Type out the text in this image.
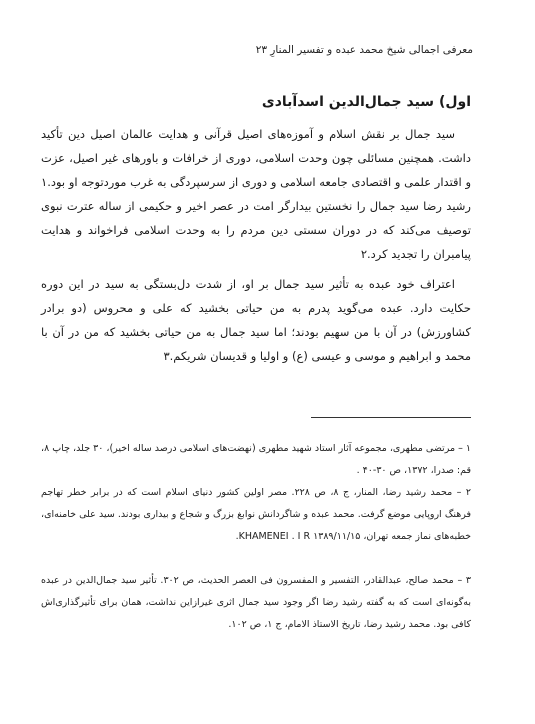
معرفی اجمالی شیخ محمد عبده و تفسیر المنارِ ۲۳
اول) سید جمال‌الدین اسدآبادی

سید جمال بر نقش اسلام و آموزه‌های اصیل قرآنی و هدایت عالمان اصیل دین تأکید داشت. همچنین مسائلی چون وحدت اسلامی، دوری از خرافات و باورهای غیر اصیل، عزت و اقتدار علمی و اقتصادی جامعه اسلامی و دوری از سرسپردگی به غرب موردتوجه او بود.۱ رشید رضا سید جمال را نخستین بیدارگر امت در عصر اخیر و حکیمی از ساله عترت نبوی توصیف می‌کند که در دوران سستی دین مردم را به وحدت اسلامی فراخواند و هدایت پیامبران را تجدید کرد.۲

اعتراف خود عبده به تأثیر سید جمال بر او، از شدت دل‌بستگی به سید در این دوره حکایت دارد. عبده می‌گوید پدرم به من حیاتی بخشید که علی و محروس (دو برادر کشاورزش) در آن با من سهیم بودند؛ اما سید جمال به من حیاتی بخشید که من در آن با محمد و ابراهیم و موسی و عیسی (ع) و اولیا و قدیسان شریکم.۳

۱ – مرتضی مطهری، مجموعه آثار استاد شهید مطهری (نهضت‌های اسلامی درصد ساله اخیر)، ۳۰ جلد، چاپ ۸، قم: صدرا، ۱۳۷۲، ص ۳۰-۴۰ .

۲ – محمد رشید رضا، المنار، ج ۸، ص ۲۲۸. مصر اولین کشور دنیای اسلام است که در برابر خطر تهاجم فرهنگ اروپایی موضع گرفت. محمد عبده و شاگردانش نوابغ بزرگ و شجاع و بیداری بودند. سید علی خامنه‌ای، خطبه‌های نماز جمعه تهران، ۱۳۸۹/۱۱/۱۵ KHAMENEI . I R.

۳ – محمد صالح، عبدالقادر، التفسیر و المفسرون فی العصر الحدیث، ص ۳۰۲. تأثیر سید جمال‌الدین در عبده به‌گونه‌ای است که به گفته رشید رضا اگر وجود سید جمال اثری غیرازاین نداشت، همان برای تأثیرگذاری‌اش کافی بود. محمد رشید رضا، تاریخ الاستاذ الامام، ج ۱، ص ۱۰۲.
